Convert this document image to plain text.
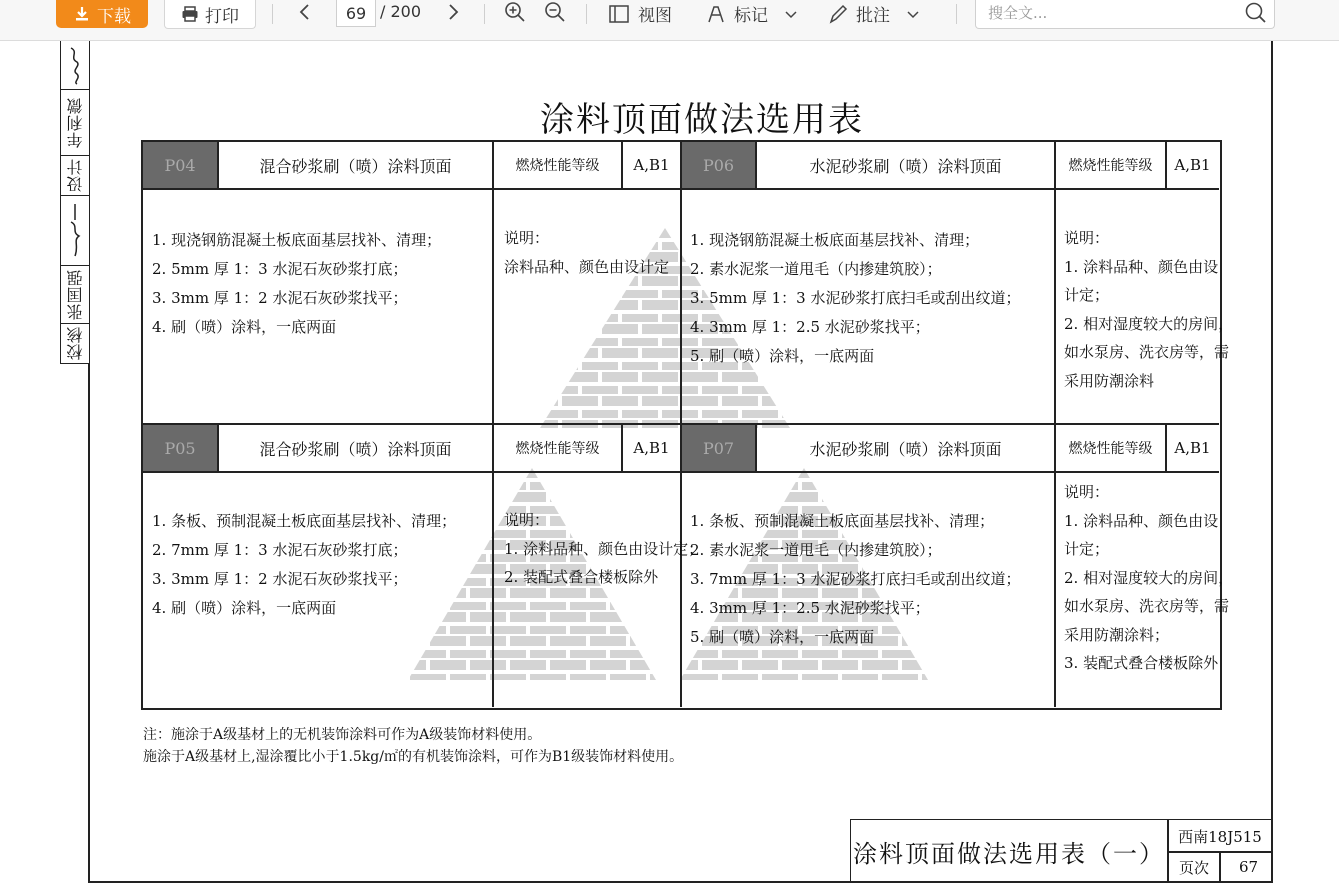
下载	打印	69 / 200	视图	标记	批注	搜全文...
年利微
设计
张国强
校核
涂料顶面做法选用表
P04	混合砂浆刷（喷）涂料顶面	燃烧性能等级	A,B1
1. 现浇钢筋混凝土板底面基层找补、清理；
2. 5mm 厚 1：3 水泥石灰砂浆打底；
3. 3mm 厚 1：2 水泥石灰砂浆找平；
4. 刷（喷）涂料，一底两面
说明：
涂料品种、颜色由设计定
P06	水泥砂浆刷（喷）涂料顶面	燃烧性能等级	A,B1
1. 现浇钢筋混凝土板底面基层找补、清理；
2. 素水泥浆一道甩毛（内掺建筑胶）；
3. 5mm 厚 1：3 水泥砂浆打底扫毛或刮出纹道；
4. 3mm 厚 1：2.5 水泥砂浆找平；
5. 刷（喷）涂料，一底两面
说明：
1. 涂料品种、颜色由设
计定；
2. 相对湿度较大的房间，
如水泵房、洗衣房等，需
采用防潮涂料
P05	混合砂浆刷（喷）涂料顶面	燃烧性能等级	A,B1
1. 条板、预制混凝土板底面基层找补、清理；
2. 7mm 厚 1：3 水泥石灰砂浆打底；
3. 3mm 厚 1：2 水泥石灰砂浆找平；
4. 刷（喷）涂料，一底两面
说明：
1. 涂料品种、颜色由设计定；
2. 装配式叠合楼板除外
P07	水泥砂浆刷（喷）涂料顶面	燃烧性能等级	A,B1
1. 条板、预制混凝土板底面基层找补、清理；
2. 素水泥浆一道甩毛（内掺建筑胶）；
3. 7mm 厚 1：3 水泥砂浆打底扫毛或刮出纹道；
4. 3mm 厚 1：2.5 水泥砂浆找平；
5. 刷（喷）涂料，一底两面
说明：
1. 涂料品种、颜色由设
计定；
2. 相对湿度较大的房间，
如水泵房、洗衣房等，需
采用防潮涂料；
3. 装配式叠合楼板除外
注：施涂于A级基材上的无机装饰涂料可作为A级装饰材料使用。
施涂于A级基材上,湿涂覆比小于1.5kg/㎡的有机装饰涂料，可作为B1级装饰材料使用。
涂料顶面做法选用表（一）
西南18J515
页次	67
